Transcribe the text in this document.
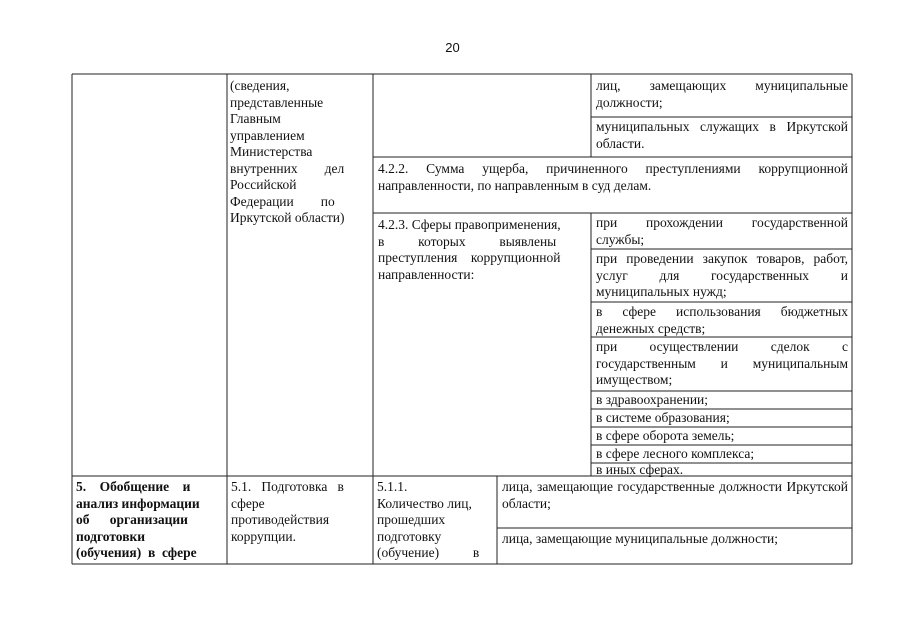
20
(сведения,
представленные
Главным
управлением
Министерства
внутренних        дел
Российской
Федерации        по
Иркутской области)
лиц, замещающих муниципальные должности;
муниципальных служащих в Иркутской области.
4.2.2. Сумма ущерба, причиненного преступлениями коррупционной направленности, по направленным в суд делам.
4.2.3. Сферы правоприменения,
в          которых          выявлены
преступления    коррупционной
направленности:
при прохождении государственной службы;
при проведении закупок товаров, работ, услуг для государственных и муниципальных нужд;
в сфере использования бюджетных денежных средств;
при осуществлении сделок с государственным и муниципальным имуществом;
в здравоохранении;
в системе образования;
в сфере оборота земель;
в сфере лесного комплекса;
в иных сферах.
5.    Обобщение    и
анализ информации
об      организации
подготовки
(обучения)  в  сфере
5.1.   Подготовка   в
сфере
противодействия
коррупции.
5.1.1.
Количество лиц,
прошедших
подготовку
(обучение)          в
лица, замещающие государственные должности Иркутской области;
лица, замещающие муниципальные должности;
